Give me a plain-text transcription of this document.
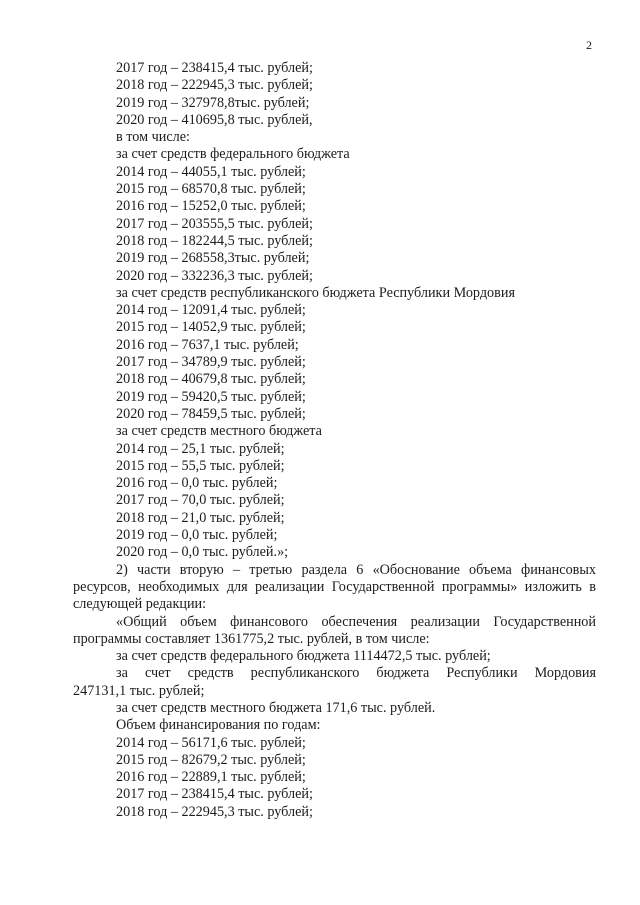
2
2017 год – 238415,4 тыс. рублей;
2018 год – 222945,3 тыс. рублей;
2019 год – 327978,8тыс. рублей;
2020 год – 410695,8 тыс. рублей,
в том числе:
за счет средств федерального бюджета
2014 год – 44055,1 тыс. рублей;
2015 год – 68570,8 тыс. рублей;
2016 год – 15252,0 тыс. рублей;
2017 год – 203555,5 тыс. рублей;
2018 год – 182244,5 тыс. рублей;
2019 год – 268558,3тыс. рублей;
2020 год – 332236,3 тыс. рублей;
за счет средств республиканского бюджета Республики Мордовия
2014 год – 12091,4 тыс. рублей;
2015 год – 14052,9 тыс. рублей;
2016 год – 7637,1 тыс. рублей;
2017 год – 34789,9 тыс. рублей;
2018 год – 40679,8 тыс. рублей;
2019 год – 59420,5 тыс. рублей;
2020 год – 78459,5 тыс. рублей;
за счет средств местного бюджета
2014 год – 25,1 тыс. рублей;
2015 год – 55,5 тыс. рублей;
2016 год – 0,0 тыс. рублей;
2017 год – 70,0 тыс. рублей;
2018 год – 21,0 тыс. рублей;
2019 год – 0,0 тыс. рублей;
2020 год – 0,0 тыс. рублей.»;
2) части вторую – третью раздела 6 «Обоснование объема финансовых ресурсов, необходимых для реализации Государственной программы» изложить в следующей редакции:
«Общий объем финансового обеспечения реализации Государственной программы составляет 1361775,2 тыс. рублей, в том числе:
за счет средств федерального бюджета 1114472,5 тыс. рублей;
за счет средств республиканского бюджета Республики Мордовия
247131,1 тыс. рублей;
за счет средств местного бюджета 171,6 тыс. рублей.
Объем финансирования по годам:
2014 год – 56171,6 тыс. рублей;
2015 год – 82679,2 тыс. рублей;
2016 год – 22889,1 тыс. рублей;
2017 год – 238415,4 тыс. рублей;
2018 год – 222945,3 тыс. рублей;
